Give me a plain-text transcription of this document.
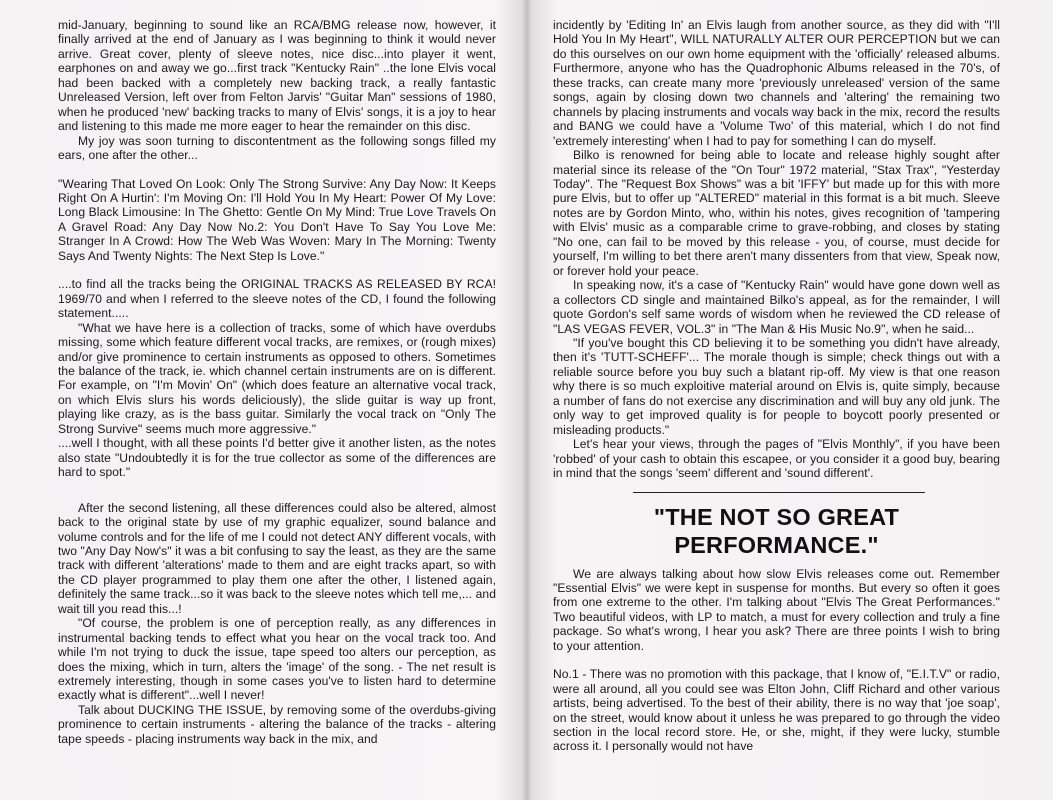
mid-January, beginning to sound like an RCA/BMG release now, however, it finally arrived at the end of January as I was beginning to think it would never arrive. Great cover, plenty of sleeve notes, nice disc...into player it went, earphones on and away we go...first track "Kentucky Rain" ..the lone Elvis vocal had been backed with a completely new backing track, a really fantastic Unreleased Version, left over from Felton Jarvis' "Guitar Man" sessions of 1980, when he produced 'new' backing tracks to many of Elvis' songs, it is a joy to hear and listening to this made me more eager to hear the remainder on this disc.

My joy was soon turning to discontentment as the following songs filled my ears, one after the other...

"Wearing That Loved On Look: Only The Strong Survive: Any Day Now: It Keeps Right On A Hurtin': I'm Moving On: I'll Hold You In My Heart: Power Of My Love: Long Black Limousine: In The Ghetto: Gentle On My Mind: True Love Travels On A Gravel Road: Any Day Now No.2: You Don't Have To Say You Love Me: Stranger In A Crowd: How The Web Was Woven: Mary In The Morning: Twenty Says And Twenty Nights: The Next Step Is Love."

....to find all the tracks being the ORIGINAL TRACKS AS RELEASED BY RCA! 1969/70 and when I referred to the sleeve notes of the CD, I found the following statement.....

"What we have here is a collection of tracks, some of which have overdubs missing, some which feature different vocal tracks, are remixes, or (rough mixes) and/or give prominence to certain instruments as opposed to others. Sometimes the balance of the track, ie. which channel certain instruments are on is different. For example, on "I'm Movin' On" (which does feature an alternative vocal track, on which Elvis slurs his words deliciously), the slide guitar is way up front, playing like crazy, as is the bass guitar. Similarly the vocal track on "Only The Strong Survive" seems much more aggressive."

....well I thought, with all these points I'd better give it another listen, as the notes also state "Undoubtedly it is for the true collector as some of the differences are hard to spot."

After the second listening, all these differences could also be altered, almost back to the original state by use of my graphic equalizer, sound balance and volume controls and for the life of me I could not detect ANY different vocals, with two "Any Day Now's" it was a bit confusing to say the least, as they are the same track with different 'alterations' made to them and are eight tracks apart, so with the CD player programmed to play them one after the other, I listened again, definitely the same track...so it was back to the sleeve notes which tell me,... and wait till you read this...!

"Of course, the problem is one of perception really, as any differences in instrumental backing tends to effect what you hear on the vocal track too. And while I'm not trying to duck the issue, tape speed too alters our perception, as does the mixing, which in turn, alters the 'image' of the song. - The net result is extremely interesting, though in some cases you've to listen hard to determine exactly what is different"...well I never!

Talk about DUCKING THE ISSUE, by removing some of the overdubs-giving prominence to certain instruments - altering the balance of the tracks - altering tape speeds - placing instruments way back in the mix, and

incidently by 'Editing In' an Elvis laugh from another source, as they did with "I'll Hold You In My Heart", WILL NATURALLY ALTER OUR PERCEPTION but we can do this ourselves on our own home equipment with the 'officially' released albums. Furthermore, anyone who has the Quadrophonic Albums released in the 70's, of these tracks, can create many more 'previously unreleased' version of the same songs, again by closing down two channels and 'altering' the remaining two channels by placing instruments and vocals way back in the mix, record the results and BANG we could have a 'Volume Two' of this material, which I do not find 'extremely interesting' when I had to pay for something I can do myself.

Bilko is renowned for being able to locate and release highly sought after material since its release of the "On Tour" 1972 material, "Stax Trax", "Yesterday Today". The "Request Box Shows" was a bit 'IFFY' but made up for this with more pure Elvis, but to offer up "ALTERED" material in this format is a bit much. Sleeve notes are by Gordon Minto, who, within his notes, gives recognition of 'tampering with Elvis' music as a comparable crime to grave-robbing, and closes by stating "No one, can fail to be moved by this release - you, of course, must decide for yourself, I'm willing to bet there aren't many dissenters from that view, Speak now, or forever hold your peace.

In speaking now, it's a case of "Kentucky Rain" would have gone down well as a collectors CD single and maintained Bilko's appeal, as for the remainder, I will quote Gordon's self same words of wisdom when he reviewed the CD release of "LAS VEGAS FEVER, VOL.3" in "The Man & His Music No.9", when he said...

"If you've bought this CD believing it to be something you didn't have already, then it's 'TUTT-SCHEFF'... The morale though is simple; check things out with a reliable source before you buy such a blatant rip-off. My view is that one reason why there is so much exploitive material around on Elvis is, quite simply, because a number of fans do not exercise any discrimination and will buy any old junk. The only way to get improved quality is for people to boycott poorly presented or misleading products."

Let's hear your views, through the pages of "Elvis Monthly", if you have been 'robbed' of your cash to obtain this escapee, or you consider it a good buy, bearing in mind that the songs 'seem' different and 'sound different'.

"THE NOT SO GREAT PERFORMANCE."

We are always talking about how slow Elvis releases come out. Remember "Essential Elvis" we were kept in suspense for months. But every so often it goes from one extreme to the other. I'm talking about "Elvis The Great Performances." Two beautiful videos, with LP to match, a must for every collection and truly a fine package. So what's wrong, I hear you ask? There are three points I wish to bring to your attention.

No.1 - There was no promotion with this package, that I know of, "E.I.T.V" or radio, were all around, all you could see was Elton John, Cliff Richard and other various artists, being advertised. To the best of their ability, there is no way that 'joe soap', on the street, would know about it unless he was prepared to go through the video section in the local record store. He, or she, might, if they were lucky, stumble across it. I personally would not have
